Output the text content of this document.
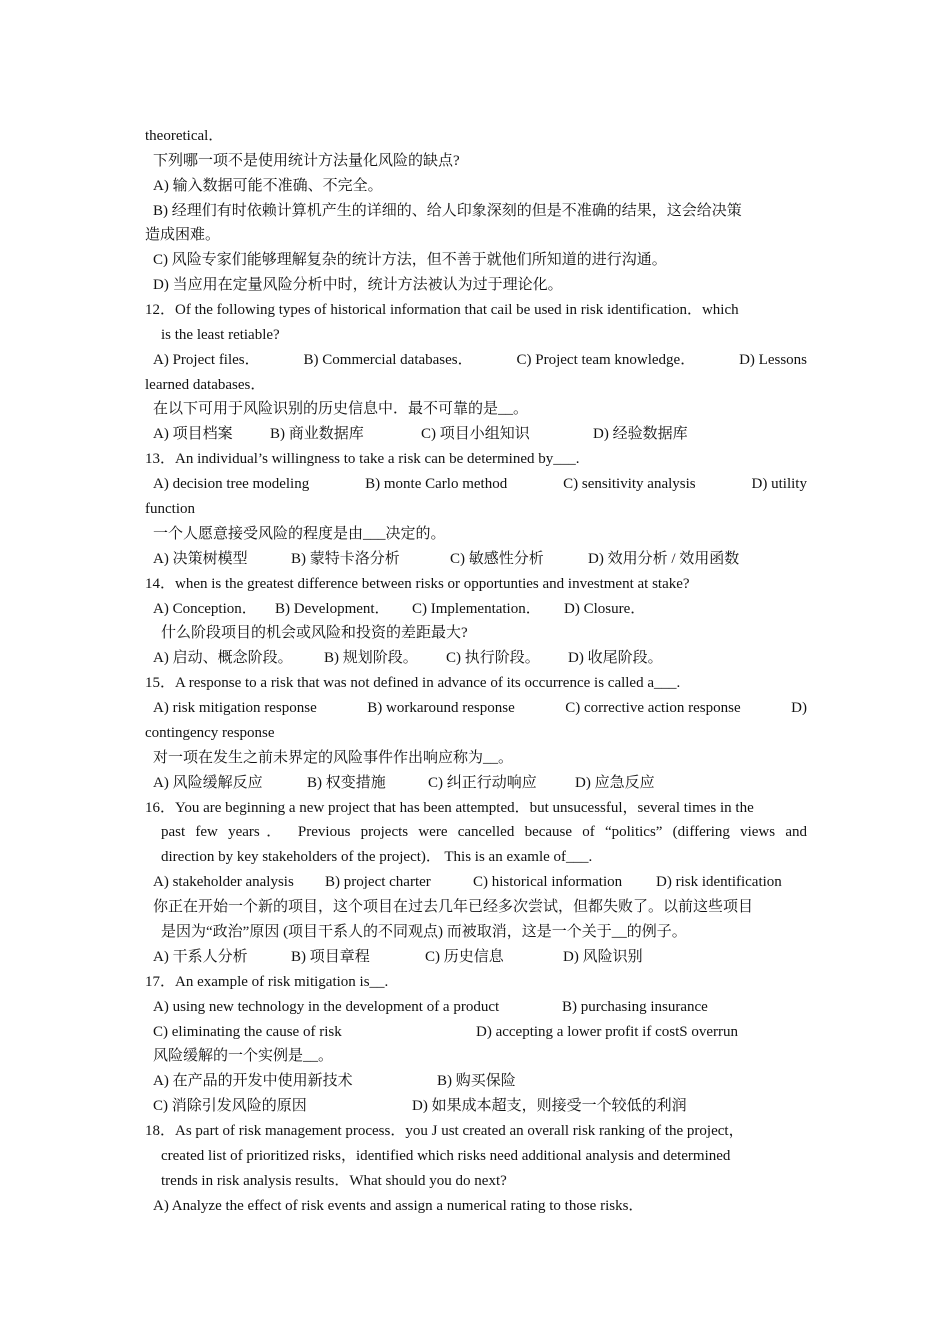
theoretical．
下列哪一项不是使用统计方法量化风险的缺点?
A) 输入数据可能不准确、不完全。
B) 经理们有时依赖计算机产生的详细的、给人印象深刻的但是不准确的结果，这会给决策
造成困难。
C) 风险专家们能够理解复杂的统计方法，但不善于就他们所知道的进行沟通。
D) 当应用在定量风险分析中时，统计方法被认为过于理论化。
12．Of the following types of historical information that cail be used in risk identification．which
is the least retiable?
A) Project files．	B) Commercial databases．	C) Project team knowledge．	D) Lessons
learned databases．
在以下可用于风险识别的历史信息中．最不可靠的是__。
A) 项目档案	B) 商业数据库	C) 项目小组知识	D) 经验数据库
13．An individual’s willingness to take a risk can be determined by___.
A) decision tree modeling	B) monte Carlo method	C) sensitivity analysis	D) utility
function
一个人愿意接受风险的程度是由___决定的。
A) 决策树模型	B) 蒙特卡洛分析	C) 敏感性分析	D) 效用分析 / 效用函数
14．when is the greatest difference between risks or opportunties and investment at stake?
A) Conception．	B) Development．	C) Implementation．	D) Closure．
什么阶段项目的机会或风险和投资的差距最大?
A) 启动、概念阶段。	B) 规划阶段。	C) 执行阶段。	D) 收尾阶段。
15．A response to a risk that was not defined in advance of its occurrence is called a___.
A) risk mitigation response	B) workaround response	C) corrective action response	D)
contingency response
对一项在发生之前未界定的风险事件作出响应称为__。
A) 风险缓解反应	B) 权变措施	C) 纠正行动响应	D) 应急反应
16．You are beginning a new project that has been attempted．but unsucessful，several times in the
past few years． Previous projects were cancelled because of “politics” (differing views and
direction by key stakeholders of the project)． This is an examle of___.
A) stakeholder analysis	B) project charter	C) historical information	D) risk identification
你正在开始一个新的项目，这个项目在过去几年已经多次尝试，但都失败了。以前这些项目
是因为“政治”原因 (项目干系人的不同观点) 而被取消，这是一个关于__的例子。
A) 干系人分析	B) 项目章程	C) 历史信息	D) 风险识别
17．An example of risk mitigation is__.
A) using new technology in the development of a product	B) purchasing insurance
C) eliminating the cause of risk	D) accepting a lower profit if costS overrun
风险缓解的一个实例是__。
A) 在产品的开发中使用新技术	B) 购买保险
C) 消除引发风险的原因	D) 如果成本超支，则接受一个较低的利润
18．As part of risk management process．you J ust created an overall risk ranking of the project，
created list of prioritized risks，identified which risks need additional analysis and determined
trends in risk analysis results．What should you do next?
A) Analyze the effect of risk events and assign a numerical rating to those risks．
